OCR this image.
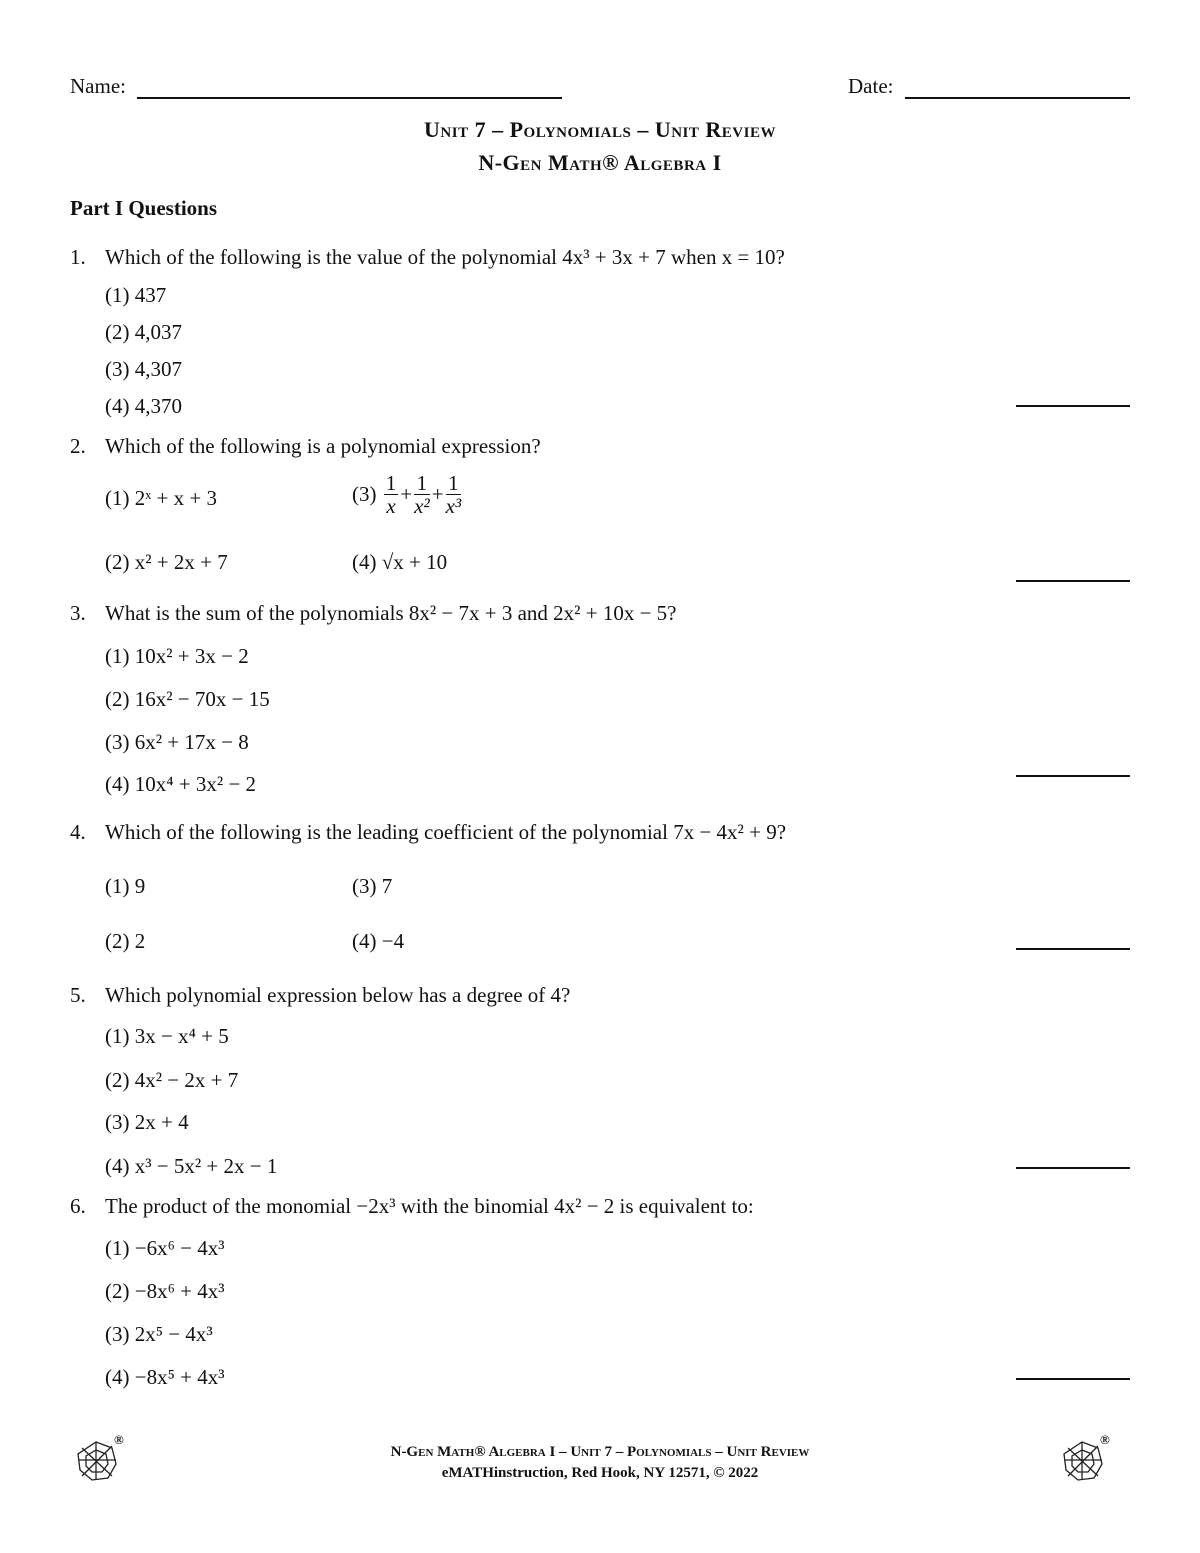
Name:	Date:
Unit 7 – Polynomials – Unit Review
N-Gen Math® Algebra I
Part I Questions
1. Which of the following is the value of the polynomial 4x³ + 3x + 7 when x = 10?
(1) 437
(2) 4,037
(3) 4,307
(4) 4,370
2. Which of the following is a polynomial expression?
(1) 2ˣ + x + 3	$(3) \frac{1}{x} + \frac{1}{\text{x²}} + \frac{1}{\text{x³}}$
(2) x² + 2x + 7	(4) √x + 10
3. What is the sum of the polynomials 8x² − 7x + 3 and 2x² + 10x − 5?
(1) 10x² + 3x − 2
(2) 16x² − 70x − 15
(3) 6x² + 17x − 8
(4) 10x⁴ + 3x² − 2
4. Which of the following is the leading coefficient of the polynomial 7x − 4x² + 9?
(1) 9	(3) 7
(2) 2	(4) −4
5. Which polynomial expression below has a degree of 4?
(1) 3x − x⁴ + 5
(2) 4x² − 2x + 7
(3) 2x + 4
(4) x³ − 5x² + 2x − 1
6. The product of the monomial −2x³ with the binomial 4x² − 2 is equivalent to:
(1) −6x⁶ − 4x³
(2) −8x⁶ + 4x³
(3) 2x⁵ − 4x³
(4) −8x⁵ + 4x³
®	®
N-Gen Math® Algebra I – Unit 7 – Polynomials – Unit Review
eMATHinstruction, Red Hook, NY 12571, © 2022
